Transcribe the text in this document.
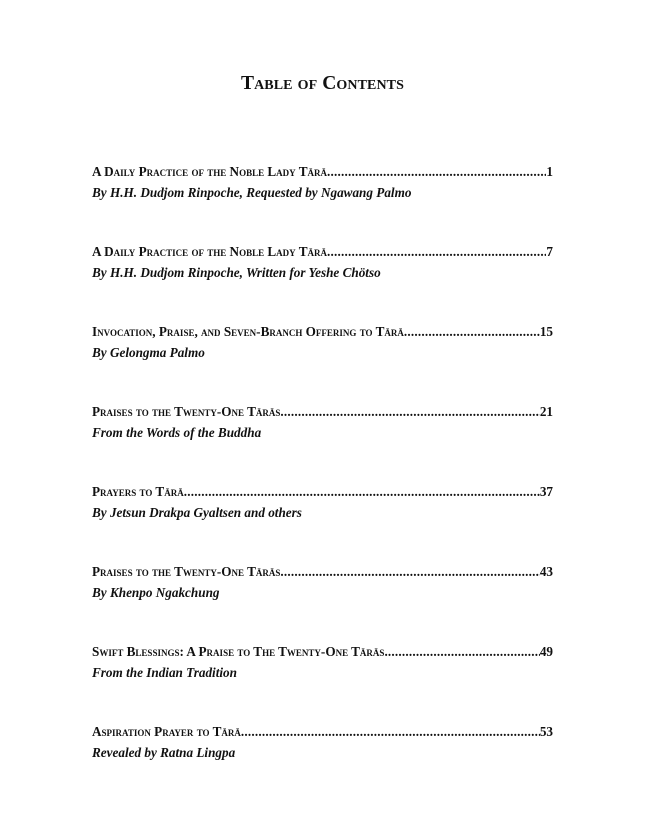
Table of Contents
A Daily Practice of the Noble Lady Tārā .....	1
By H.H. Dudjom Rinpoche, Requested by Ngawang Palmo
A Daily Practice of the Noble Lady Tārā .....	7
By H.H. Dudjom Rinpoche, Written for Yeshe Chötso
Invocation, Praise, and Seven-Branch Offering to Tārā .....	15
By Gelongma Palmo
Praises to the Twenty-One Tārās .....	21
From the Words of the Buddha
Prayers to Tārā .....	37
By Jetsun Drakpa Gyaltsen and others
Praises to the Twenty-One Tārās .....	43
By Khenpo Ngakchung
Swift Blessings: A Praise to The Twenty-One Tārās .....	49
From the Indian Tradition
Aspiration Prayer to Tārā .....	53
Revealed by Ratna Lingpa
